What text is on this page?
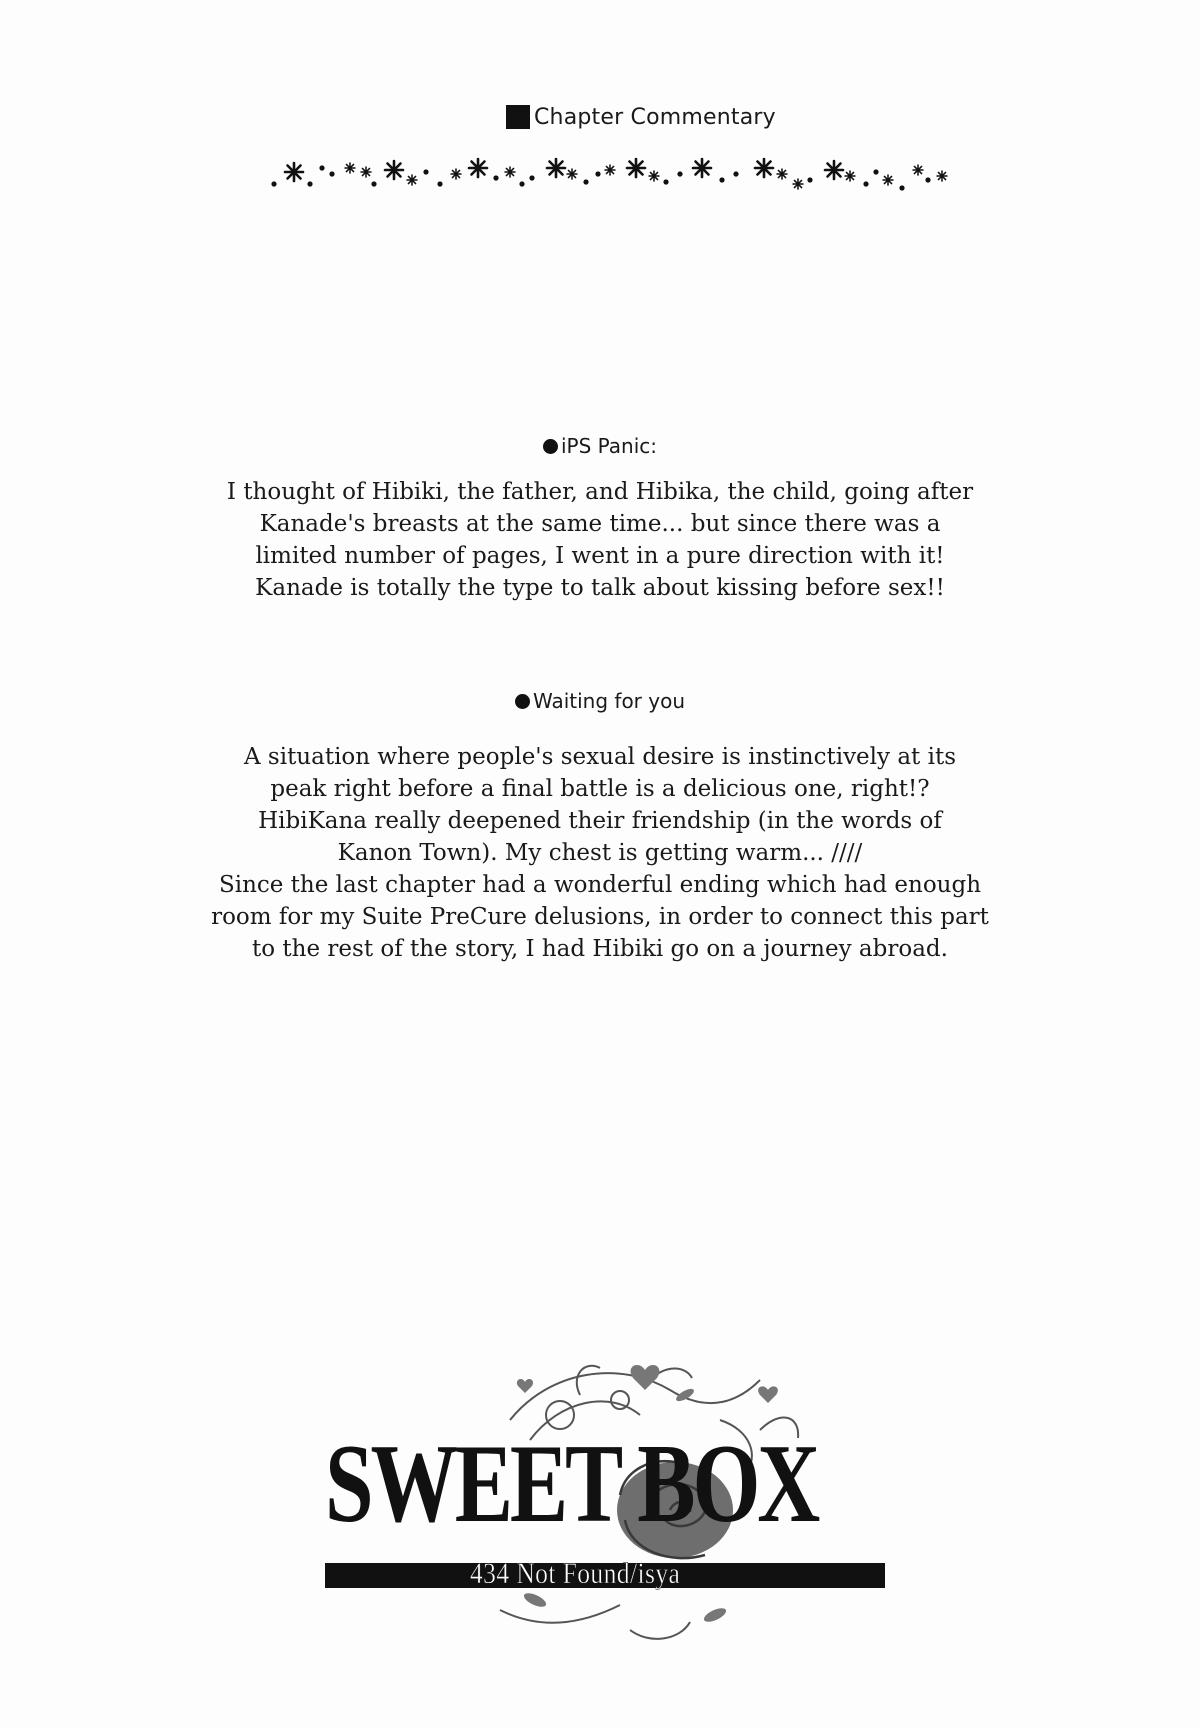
Chapter Commentary
iPS Panic:
I thought of Hibiki, the father, and Hibika, the child, going after
Kanade's breasts at the same time... but since there was a
limited number of pages, I went in a pure direction with it!
Kanade is totally the type to talk about kissing before sex!!
Waiting for you
A situation where people's sexual desire is instinctively at its
peak right before a final battle is a delicious one, right!?
HibiKana really deepened their friendship (in the words of
Kanon Town). My chest is getting warm... ////
Since the last chapter had a wonderful ending which had enough
room for my Suite PreCure delusions, in order to connect this part
to the rest of the story, I had Hibiki go on a journey abroad.
SWEET BOX
434 Not Found/isya
